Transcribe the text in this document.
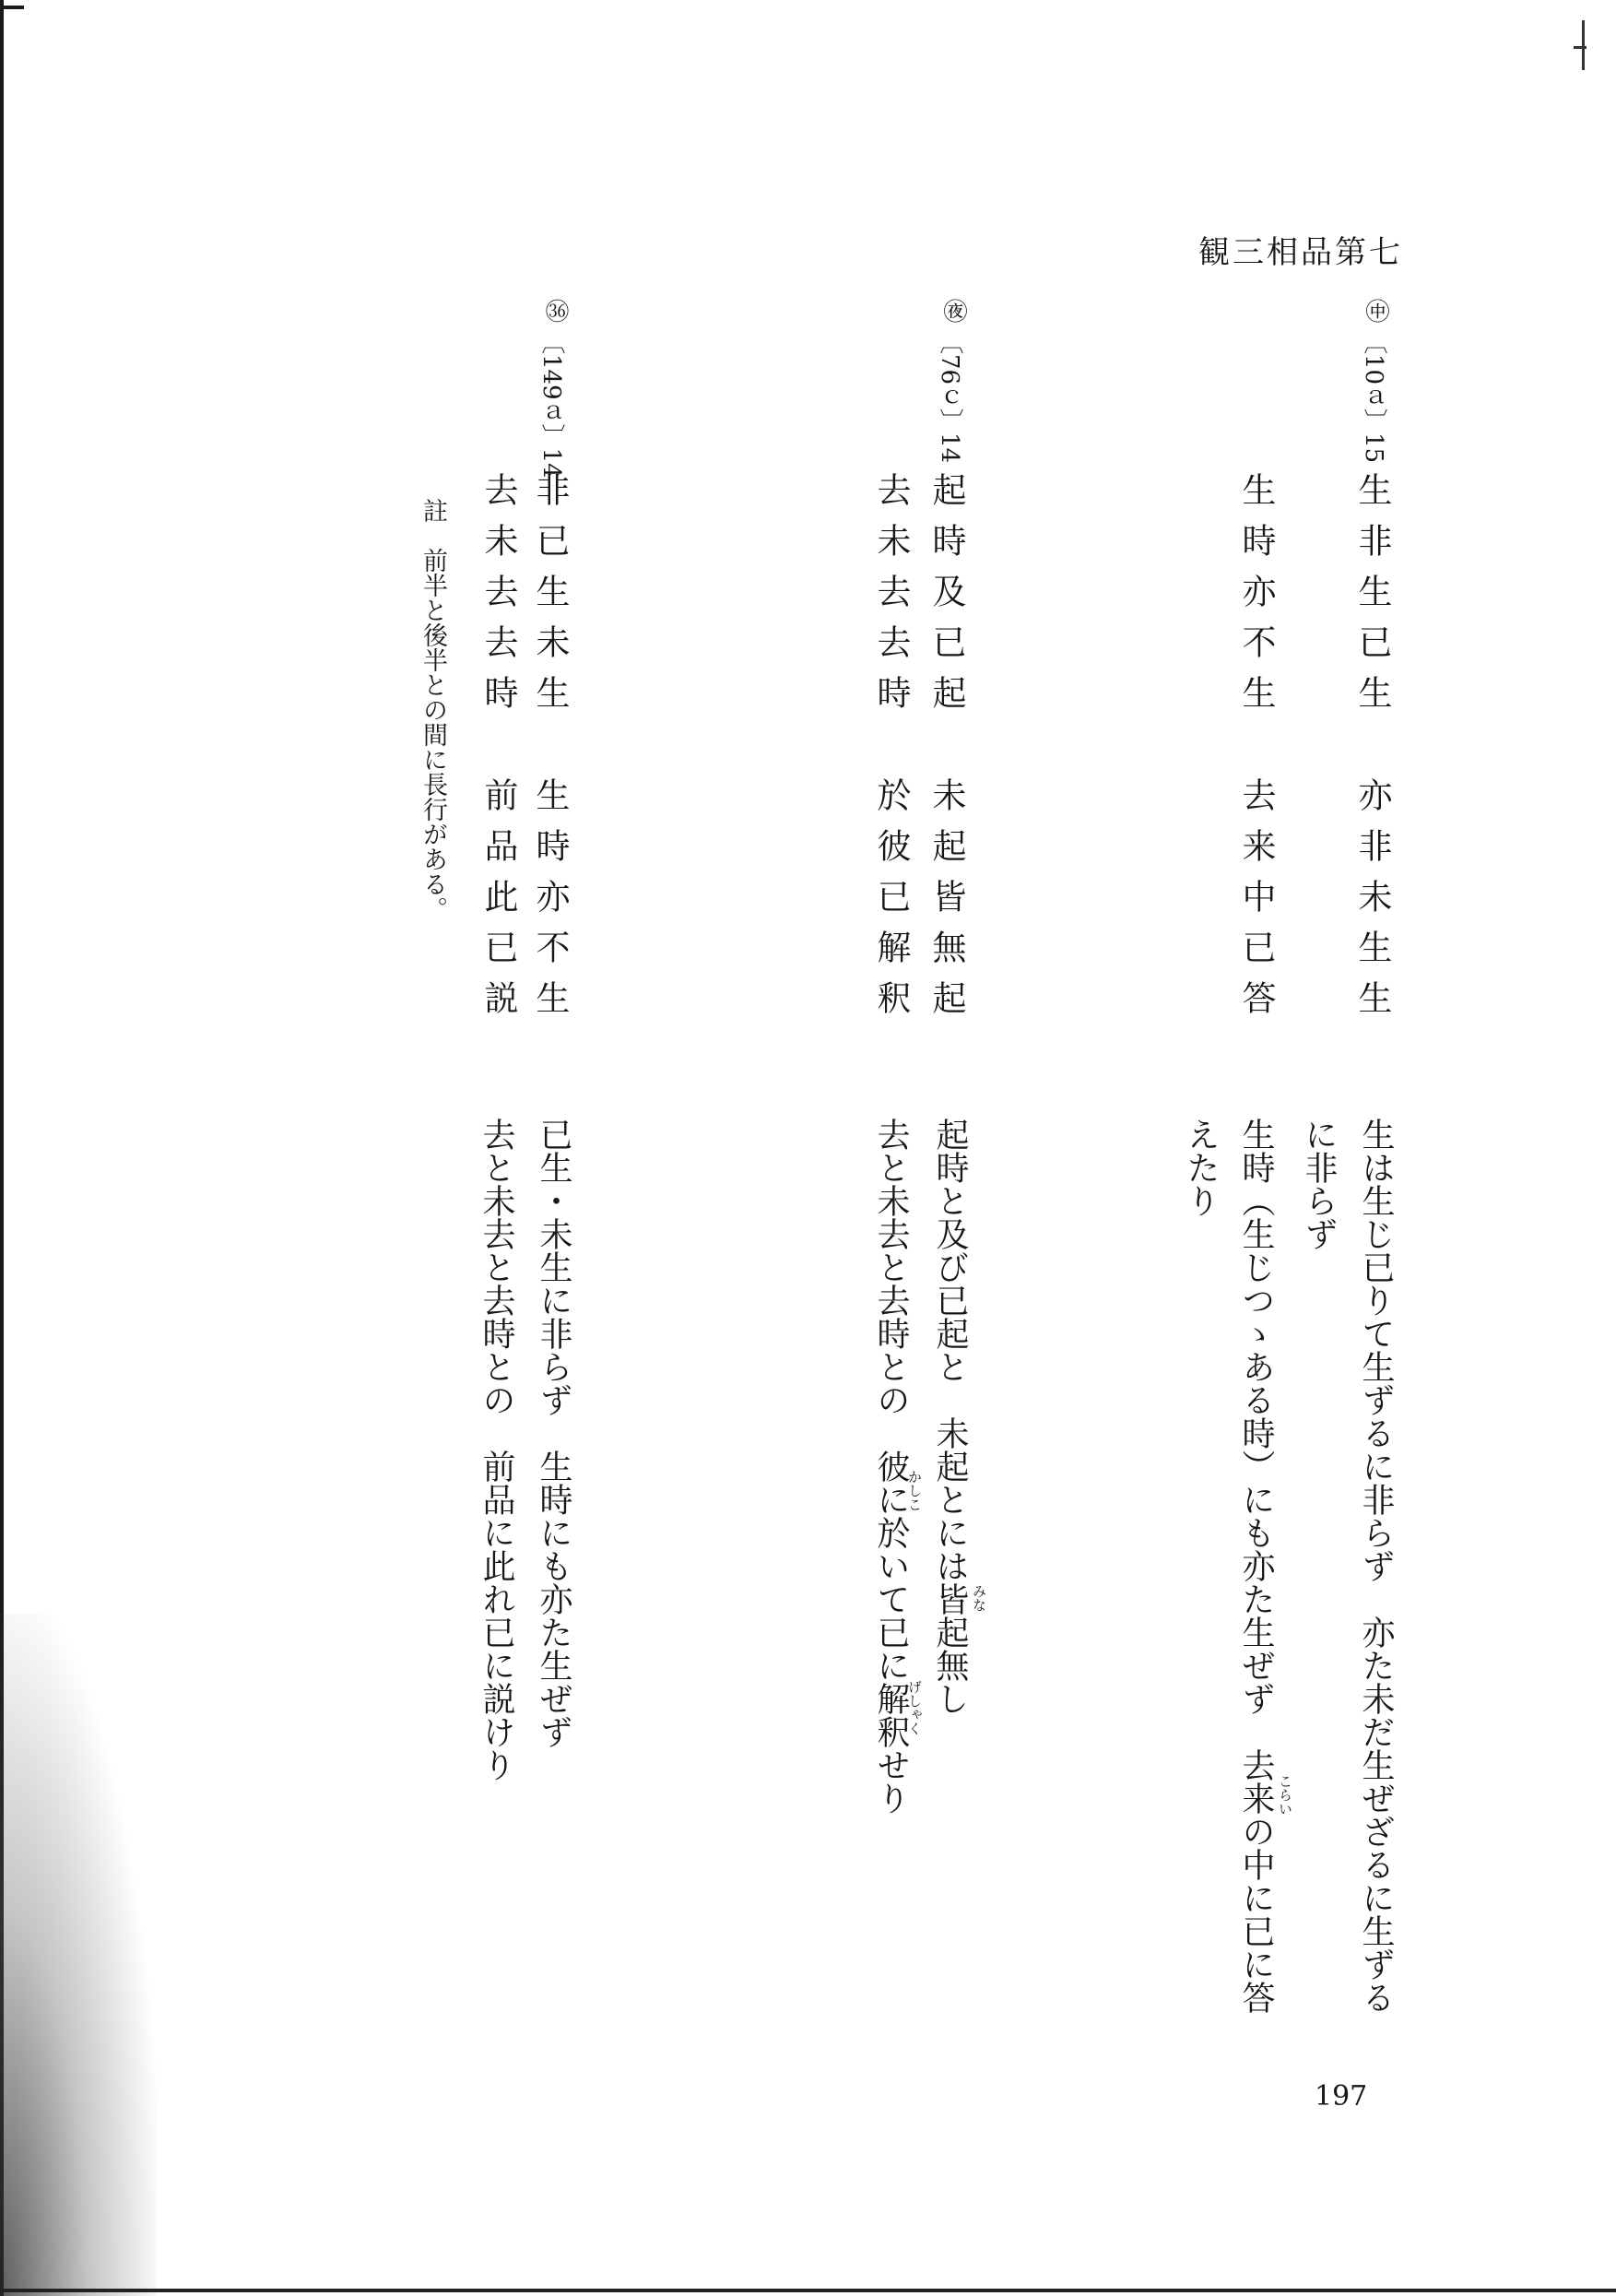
観三相品第七
㊥
〔10ａ〕15
生非生已生
亦非未生生
生時亦不生
去来中已答
生は生じ已りて生ずるに非らず　亦た未だ生ぜざるに生ずる
に非らず
生時（生じつゝある時）にも亦た生ぜず　去来の中に已に答
えたり
こらい
㊰
〔76ｃ〕14
起時及已起
未起皆無起
去未去去時
於彼已解釈
起時と及び已起と　未起とには皆起無し
去と未去と去時との　彼に於いて已に解釈せり	みな
かしこ
げしゃく
㊱
〔149ａ〕14
非已生未生
生時亦不生
去未去去時
前品此已説
已生・未生に非らず　生時にも亦た生ぜず
去と未去と去時との　前品に此れ已に説けり
註　前半と後半との間に長行がある。
197
